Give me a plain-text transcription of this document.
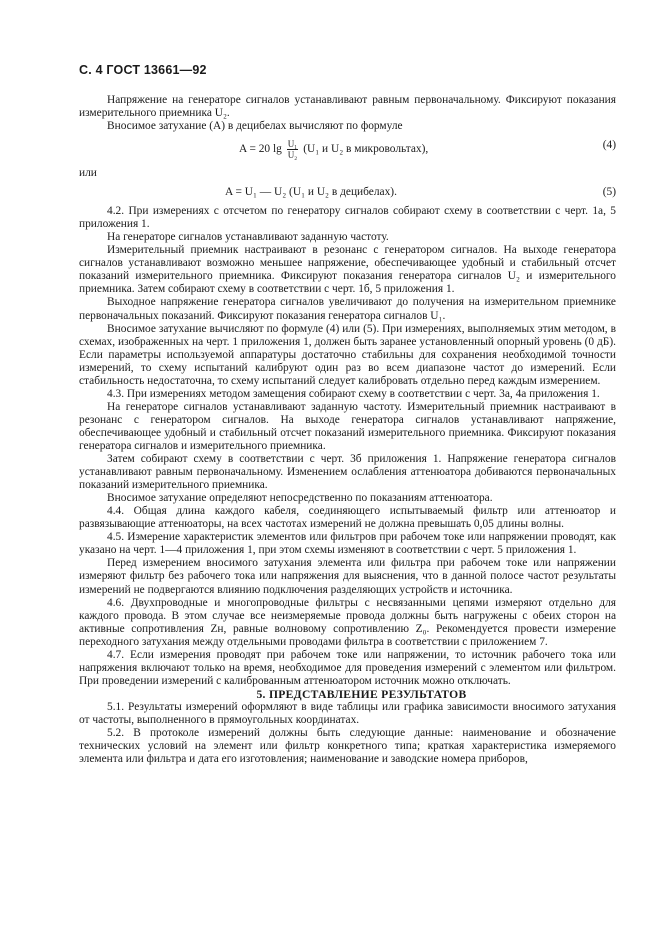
С. 4 ГОСТ 13661—92

Напряжение на генераторе сигналов устанавливают равным первоначальному. Фиксируют показания измерительного приемника U₂.

Вносимое затухание (A) в децибелах вычисляют по формуле

A = 20 $\lg \frac{\text{U₁}}{\text{U₂}} (U_1$ и U₂ в микровольтах),	(4)

или

A = U₁ — U₂ (U₁ и U₂ в децибелах).	(5)

4.2. При измерениях с отсчетом по генератору сигналов собирают схему в соответствии с черт. 1а, 5 приложения 1.

На генераторе сигналов устанавливают заданную частоту.

Измерительный приемник настраивают в резонанс с генератором сигналов. На выходе генератора сигналов устанавливают возможно меньшее напряжение, обеспечивающее удобный и стабильный отсчет показаний измерительного приемника. Фиксируют показания генератора сигналов U₂ и измерительного приемника. Затем собирают схему в соответствии с черт. 1б, 5 приложения 1.

Выходное напряжение генератора сигналов увеличивают до получения на измерительном приемнике первоначальных показаний. Фиксируют показания генератора сигналов U₁.

Вносимое затухание вычисляют по формуле (4) или (5). При измерениях, выполняемых этим методом, в схемах, изображенных на черт. 1 приложения 1, должен быть заранее установленный опорный уровень (0 дБ). Если параметры используемой аппаратуры достаточно стабильны для сохранения необходимой точности измерений, то схему испытаний калибруют один раз во всем диапазоне частот до измерений. Если стабильность недостаточна, то схему испытаний следует калибровать отдельно перед каждым измерением.

4.3. При измерениях методом замещения собирают схему в соответствии с черт. 3а, 4а приложения 1.

На генераторе сигналов устанавливают заданную частоту. Измерительный приемник настраивают в резонанс с генератором сигналов. На выходе генератора сигналов устанавливают напряжение, обеспечивающее удобный и стабильный отсчет показаний измерительного приемника. Фиксируют показания генератора сигналов и измерительного приемника.

Затем собирают схему в соответствии с черт. 3б приложения 1. Напряжение генератора сигналов устанавливают равным первоначальному. Изменением ослабления аттенюатора добиваются первоначальных показаний измерительного приемника.

Вносимое затухание определяют непосредственно по показаниям аттенюатора.

4.4. Общая длина каждого кабеля, соединяющего испытываемый фильтр или аттенюатор и развязывающие аттенюаторы, на всех частотах измерений не должна превышать 0,05 длины волны.

4.5. Измерение характеристик элементов или фильтров при рабочем токе или напряжении проводят, как указано на черт. 1—4 приложения 1, при этом схемы изменяют в соответствии с черт. 5 приложения 1.

Перед измерением вносимого затухания элемента или фильтра при рабочем токе или напряжении измеряют фильтр без рабочего тока или напряжения для выяснения, что в данной полосе частот результаты измерений не подвергаются влиянию подключения разделяющих устройств и источника.

4.6. Двухпроводные и многопроводные фильтры с несвязанными цепями измеряют отдельно для каждого провода. В этом случае все неизмеряемые провода должны быть нагружены с обеих сторон на активные сопротивления Zн, равные волновому сопротивлению Z₀. Рекомендуется провести измерение переходного затухания между отдельными проводами фильтра в соответствии с приложением 7.

4.7. Если измерения проводят при рабочем токе или напряжении, то источник рабочего тока или напряжения включают только на время, необходимое для проведения измерений с элементом или фильтром. При проведении измерений с калиброванным аттенюатором источник можно отключать.

5. ПРЕДСТАВЛЕНИЕ РЕЗУЛЬТАТОВ

5.1. Результаты измерений оформляют в виде таблицы или графика зависимости вносимого затухания от частоты, выполненного в прямоугольных координатах.

5.2. В протоколе измерений должны быть следующие данные: наименование и обозначение технических условий на элемент или фильтр конкретного типа; краткая характеристика измеряемого элемента или фильтра и дата его изготовления; наименование и заводские номера приборов,
